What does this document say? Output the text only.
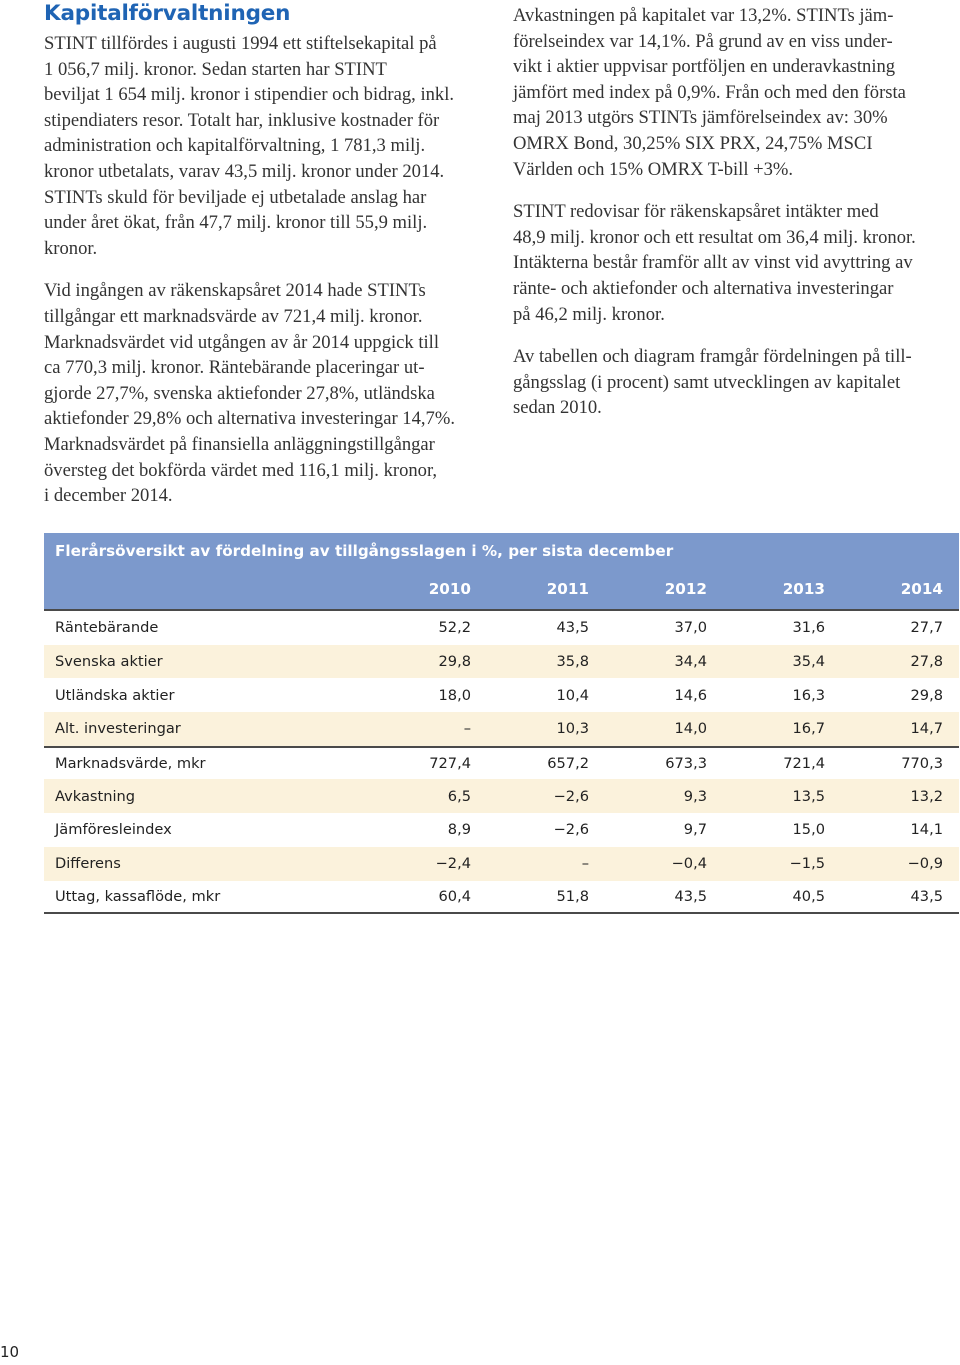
Kapitalförvaltningen

STINT tillfördes i augusti 1994 ett stiftelsekapital på
1 056,7 milj. kronor. Sedan starten har STINT
beviljat 1 654 milj. kronor i stipendier och bidrag, inkl.
stipendiaters resor. Totalt har, inklusive kostnader för
administration och kapitalförvaltning, 1 781,3 milj.
kronor utbetalats, varav 43,5 milj. kronor under 2014.
STINTs skuld för beviljade ej utbetalade anslag har
under året ökat, från 47,7 milj. kronor till 55,9 milj.
kronor.

Vid ingången av räkenskapsåret 2014 hade STINTs
tillgångar ett marknadsvärde av 721,4 milj. kronor.
Marknadsvärdet vid utgången av år 2014 uppgick till
ca 770,3 milj. kronor. Räntebärande placeringar ut-
gjorde 27,7%, svenska aktiefonder 27,8%, utländska
aktiefonder 29,8% och alternativa investeringar 14,7%.
Marknadsvärdet på finansiella anläggningstillgångar
översteg det bokförda värdet med 116,1 milj. kronor,
i december 2014.

Avkastningen på kapitalet var 13,2%. STINTs jäm-
förelseindex var 14,1%. På grund av en viss under-
vikt i aktier uppvisar portföljen en underavkastning
jämfört med index på 0,9%. Från och med den första
maj 2013 utgörs STINTs jämförelseindex av: 30%
OMRX Bond, 30,25% SIX PRX, 24,75% MSCI
Världen och 15% OMRX T-bill +3%.

STINT redovisar för räkenskapsåret intäkter med
48,9 milj. kronor och ett resultat om 36,4 milj. kronor.
Intäkterna består framför allt av vinst vid avyttring av
ränte- och aktiefonder och alternativa investeringar
på 46,2 milj. kronor.

Av tabellen och diagram framgår fördelningen på till-
gångsslag (i procent) samt utvecklingen av kapitalet
sedan 2010.

Flerårsöversikt av fördelning av tillgångsslagen i %, per sista december
2010	2011	2012	2013	2014
Räntebärande	52,2	43,5	37,0	31,6	27,7
Svenska aktier	29,8	35,8	34,4	35,4	27,8
Utländska aktier	18,0	10,4	14,6	16,3	29,8
Alt. investeringar	–	10,3	14,0	16,7	14,7
Marknadsvärde, mkr	727,4	657,2	673,3	721,4	770,3
Avkastning	6,5	−2,6	9,3	13,5	13,2
Jämföresleindex	8,9	−2,6	9,7	15,0	14,1
Differens	−2,4	–	−0,4	−1,5	−0,9
Uttag, kassaflöde, mkr	60,4	51,8	43,5	40,5	43,5
10
